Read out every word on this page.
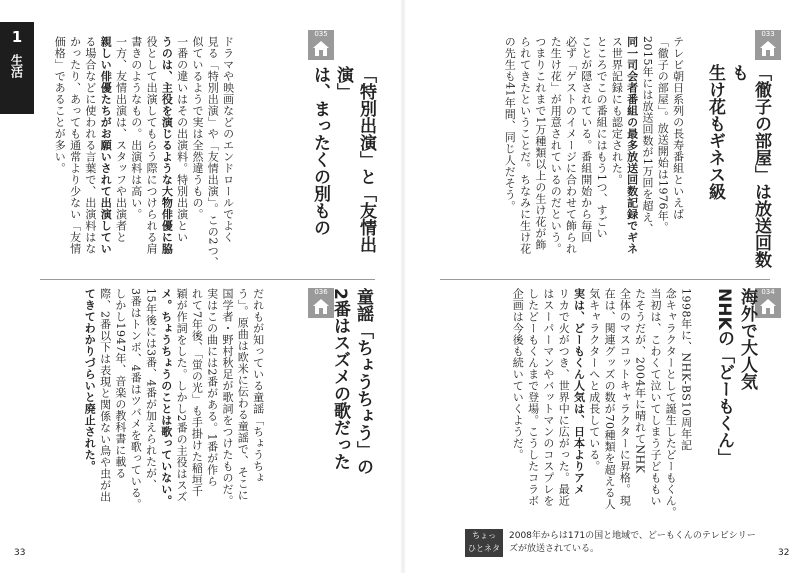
1
生活
033
「徹子の部屋」は放送回数も
生け花もギネス級
テレビ朝日系列の長寿番組といえば
「徹子の部屋」。放送開始は1976年。
2015年には放送回数が1万回を超え、
同一司会者番組の最多放送回数記録でギネ
ス世界記録にも認定された。
ところでこの番組にはもう1つ、すごい
ことが隠されている。番組開始から毎回
必ず「ゲストのイメージに合わせて飾られ
た生け花」が用意されているのだという。
つまりこれまで1万種類以上の生け花が飾
られてきたということだ。ちなみに生け花
の先生も41年間、同じ人だそう。
034
海外で大人気
NHKの「どーもくん」
1998年に、NHK-BS10周年記
念キャラクターとして誕生したどーもくん。
当初は、こわくて泣いてしまう子どももい
たそうだが、2004年に晴れてNHK
全体のマスコットキャラクターに昇格。現
在は、関連グッズの数が70種類を超える人
気キャラクターへと成長している。
実は、どーもくん人気は、日本よりアメ
リカで火がつき、世界中に広がった。最近
はスーパーマンやバットマンのコスプレを
したどーもくんまで登場。こうしたコラボ
企画は今後も続いていくようだ。
035
「特別出演」と「友情出演」
は、まったくの別もの
ドラマや映画などのエンドロールでよく
見る「特別出演」や「友情出演」。この2つ、
似ているようで実は全然違うもの。
一番の違いはその出演料。特別出演とい
うのは、主役を演じるような大物俳優に脇
役として出演してもらう際につけられる肩
書きのようなもの。出演料は高い。
一方、友情出演は、スタッフや出演者と
親しい俳優たちがお願いされて出演してい
る場合などに使われる言葉で、出演料はな
かったり、あっても通常より少ない「友情
価格」であることが多い。
036	童謡「ちょうちょう」の
2番はスズメの歌だった
だれもが知っている童謡「ちょうちょ
う」。原曲は欧米に伝わる童謡で、そこに
国学者・野村秋足が歌詞をつけたものだ。
実はこの曲には2番がある。1番が作ら
れて7年後、「蛍の光」も手掛けた稲垣千
穎が作詞をした。しかし2番の主役はスズ
メ。ちょうちょうのことは歌っていない。
15年後には3番、4番が加えられたが、
3番はトンボ、4番はツバメを歌っている。
しかし1947年、音楽の教科書に載る
際、2番以下は表現と関係ない鳥や虫が出
てきてわかりづらいと廃止された。
ちょっ
ひとネタ
2008年からは171の国と地域で、どーもくんのテレビシリーズが放送されている。
33	32
